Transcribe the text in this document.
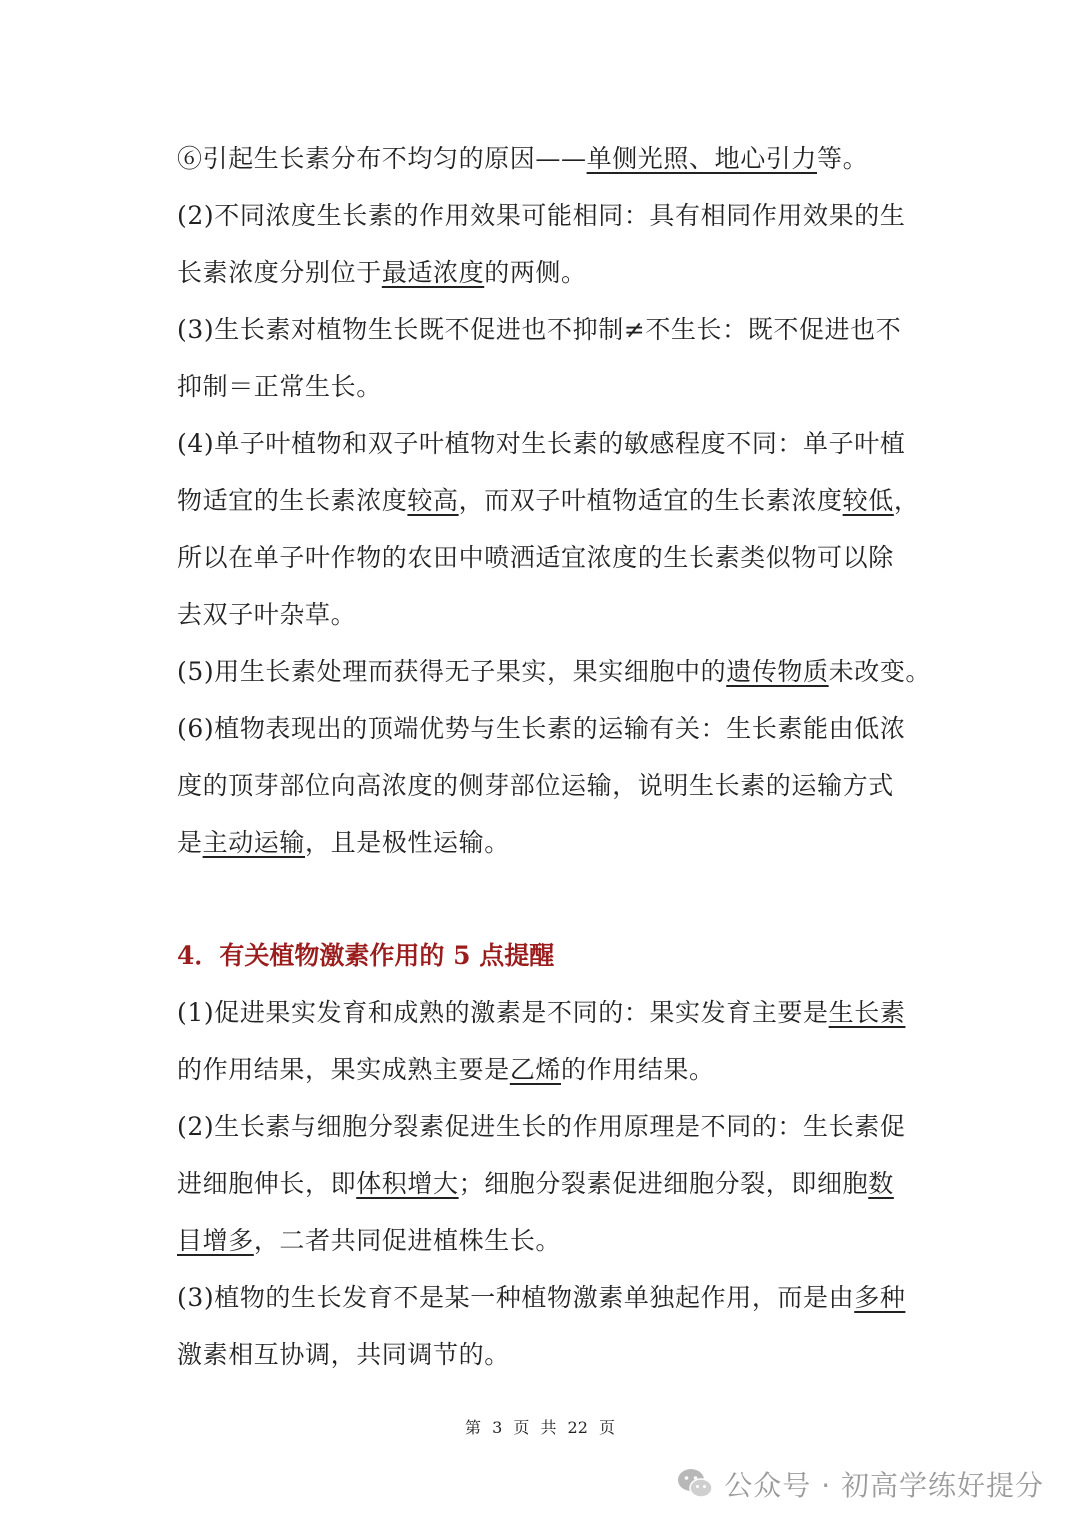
⑥引起生长素分布不均匀的原因——单侧光照、地心引力等。
(2)不同浓度生长素的作用效果可能相同：具有相同作用效果的生
长素浓度分别位于最适浓度的两侧。
(3)生长素对植物生长既不促进也不抑制≠不生长：既不促进也不
抑制＝正常生长。
(4)单子叶植物和双子叶植物对生长素的敏感程度不同：单子叶植
物适宜的生长素浓度较高，而双子叶植物适宜的生长素浓度较低，
所以在单子叶作物的农田中喷洒适宜浓度的生长素类似物可以除
去双子叶杂草。
(5)用生长素处理而获得无子果实，果实细胞中的遗传物质未改变。
(6)植物表现出的顶端优势与生长素的运输有关：生长素能由低浓
度的顶芽部位向高浓度的侧芽部位运输，说明生长素的运输方式
是主动运输，且是极性运输。
4．有关植物激素作用的 5 点提醒
(1)促进果实发育和成熟的激素是不同的：果实发育主要是生长素
的作用结果，果实成熟主要是乙烯的作用结果。
(2)生长素与细胞分裂素促进生长的作用原理是不同的：生长素促
进细胞伸长，即体积增大；细胞分裂素促进细胞分裂，即细胞数
目增多，二者共同促进植株生长。
(3)植物的生长发育不是某一种植物激素单独起作用，而是由多种
激素相互协调，共同调节的。
第 3 页 共 22 页
公众号 · 初高学练好提分
